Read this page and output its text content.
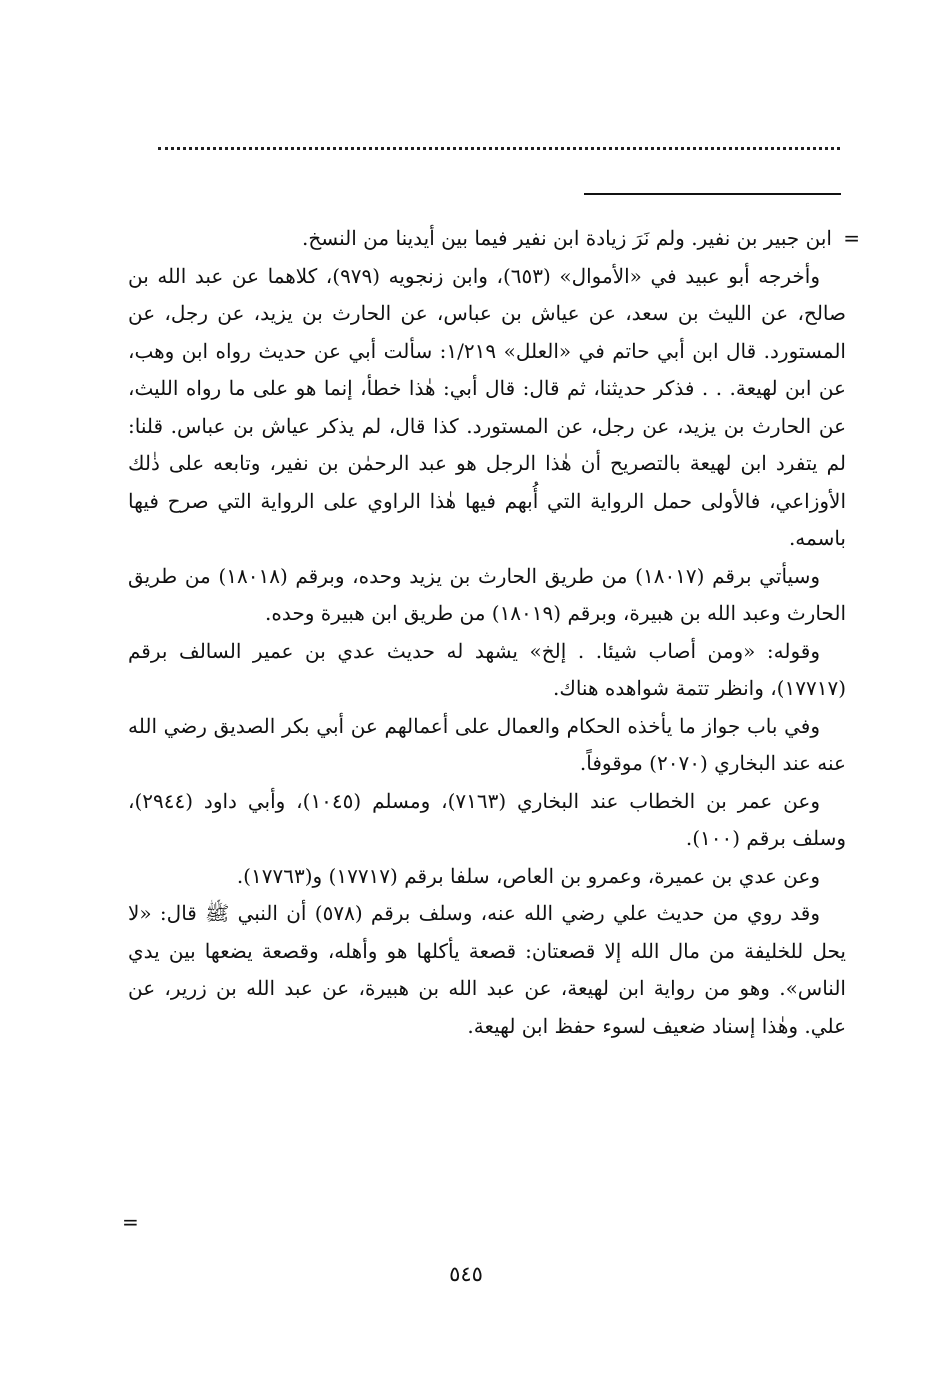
=
ابن جبير بن نفير. ولم نَرَ زيادة ابن نفير فيما بين أيدينا من النسخ.

وأخرجه أبو عبيد في «الأموال» (٦٥٣)، وابن زنجويه (٩٧٩)، كلاهما عن عبد الله بن صالح، عن الليث بن سعد، عن عياش بن عباس، عن الحارث بن يزيد، عن رجل، عن المستورد. قال ابن أبي حاتم في «العلل» ١/٢١٩: سألت أبي عن حديث رواه ابن وهب، عن ابن لهيعة. . . فذكر حديثنا، ثم قال: قال أبي: هٰذا خطأ، إنما هو على ما رواه الليث، عن الحارث بن يزيد، عن رجل، عن المستورد. كذا قال، لم يذكر عياش بن عباس. قلنا: لم يتفرد ابن لهيعة بالتصريح أن هٰذا الرجل هو عبد الرحمٰن بن نفير، وتابعه على ذٰلك الأوزاعي، فالأولى حمل الرواية التي أُبهم فيها هٰذا الراوي على الرواية التي صرح فيها باسمه.

وسيأتي برقم (١٨٠١٧) من طريق الحارث بن يزيد وحده، وبرقم (١٨٠١٨) من طريق الحارث وعبد الله بن هبيرة، وبرقم (١٨٠١٩) من طريق ابن هبيرة وحده.

وقوله: «ومن أصاب شيئا. . إلخ» يشهد له حديث عدي بن عمير السالف برقم (١٧٧١٧)، وانظر تتمة شواهده هناك.

وفي باب جواز ما يأخذه الحكام والعمال على أعمالهم عن أبي بكر الصديق رضي الله عنه عند البخاري (٢٠٧٠) موقوفاً.

وعن عمر بن الخطاب عند البخاري (٧١٦٣)، ومسلم (١٠٤٥)، وأبي داود (٢٩٤٤)، وسلف برقم (١٠٠).

وعن عدي بن عميرة، وعمرو بن العاص، سلفا برقم (١٧٧١٧) و(١٧٧٦٣).

وقد روي من حديث علي رضي الله عنه، وسلف برقم (٥٧٨) أن النبي ﷺ قال: «لا يحل للخليفة من مال الله إلا قصعتان: قصعة يأكلها هو وأهله، وقصعة يضعها بين يدي الناس». وهو من رواية ابن لهيعة، عن عبد الله بن هبيرة، عن عبد الله بن زرير، عن علي. وهٰذا إسناد ضعيف لسوء حفظ ابن لهيعة.

=
٥٤٥
